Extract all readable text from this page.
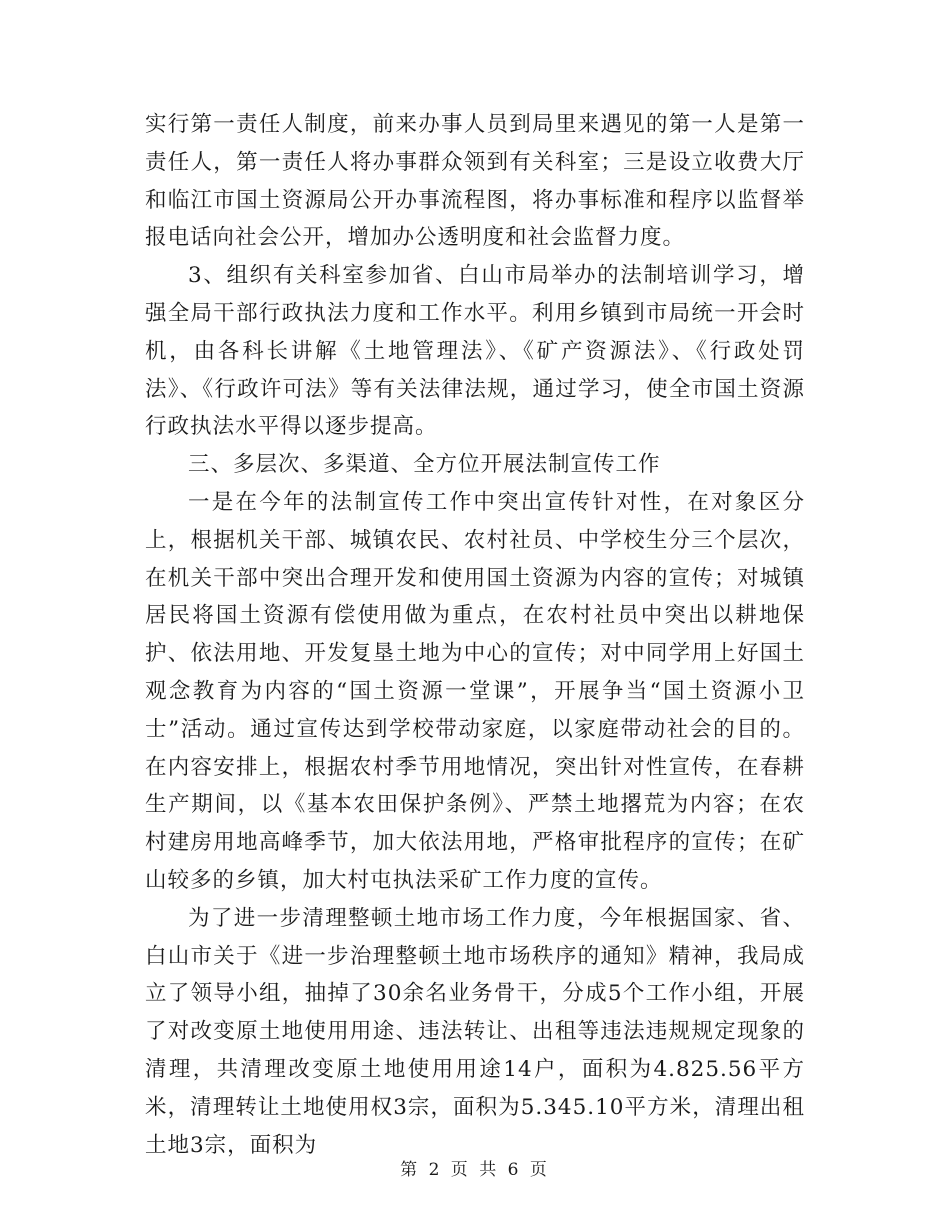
实行第一责任人制度，前来办事人员到局里来遇见的第一人是第一责任人，第一责任人将办事群众领到有关科室；三是设立收费大厅和临江市国土资源局公开办事流程图，将办事标准和程序以监督举报电话向社会公开，增加办公透明度和社会监督力度。

3、组织有关科室参加省、白山市局举办的法制培训学习，增强全局干部行政执法力度和工作水平。利用乡镇到市局统一开会时机，由各科长讲解《土地管理法》、《矿产资源法》、《行政处罚法》、《行政许可法》等有关法律法规，通过学习，使全市国土资源行政执法水平得以逐步提高。

三、多层次、多渠道、全方位开展法制宣传工作

一是在今年的法制宣传工作中突出宣传针对性，在对象区分上，根据机关干部、城镇农民、农村社员、中学校生分三个层次，在机关干部中突出合理开发和使用国土资源为内容的宣传；对城镇居民将国土资源有偿使用做为重点，在农村社员中突出以耕地保护、依法用地、开发复垦土地为中心的宣传；对中同学用上好国土观念教育为内容的“国土资源一堂课”，开展争当“国土资源小卫士”活动。通过宣传达到学校带动家庭，以家庭带动社会的目的。在内容安排上，根据农村季节用地情况，突出针对性宣传，在春耕生产期间，以《基本农田保护条例》、严禁土地撂荒为内容；在农村建房用地高峰季节，加大依法用地，严格审批程序的宣传；在矿山较多的乡镇，加大村屯执法采矿工作力度的宣传。

为了进一步清理整顿土地市场工作力度，今年根据国家、省、白山市关于《进一步治理整顿土地市场秩序的通知》精神，我局成立了领导小组，抽掉了30余名业务骨干，分成5个工作小组，开展了对改变原土地使用用途、违法转让、出租等违法违规规定现象的清理，共清理改变原土地使用用途14户，面积为4.825.56平方米，清理转让土地使用权3宗，面积为5.345.10平方米，清理出租土地3宗，面积为

第 2 页 共 6 页
